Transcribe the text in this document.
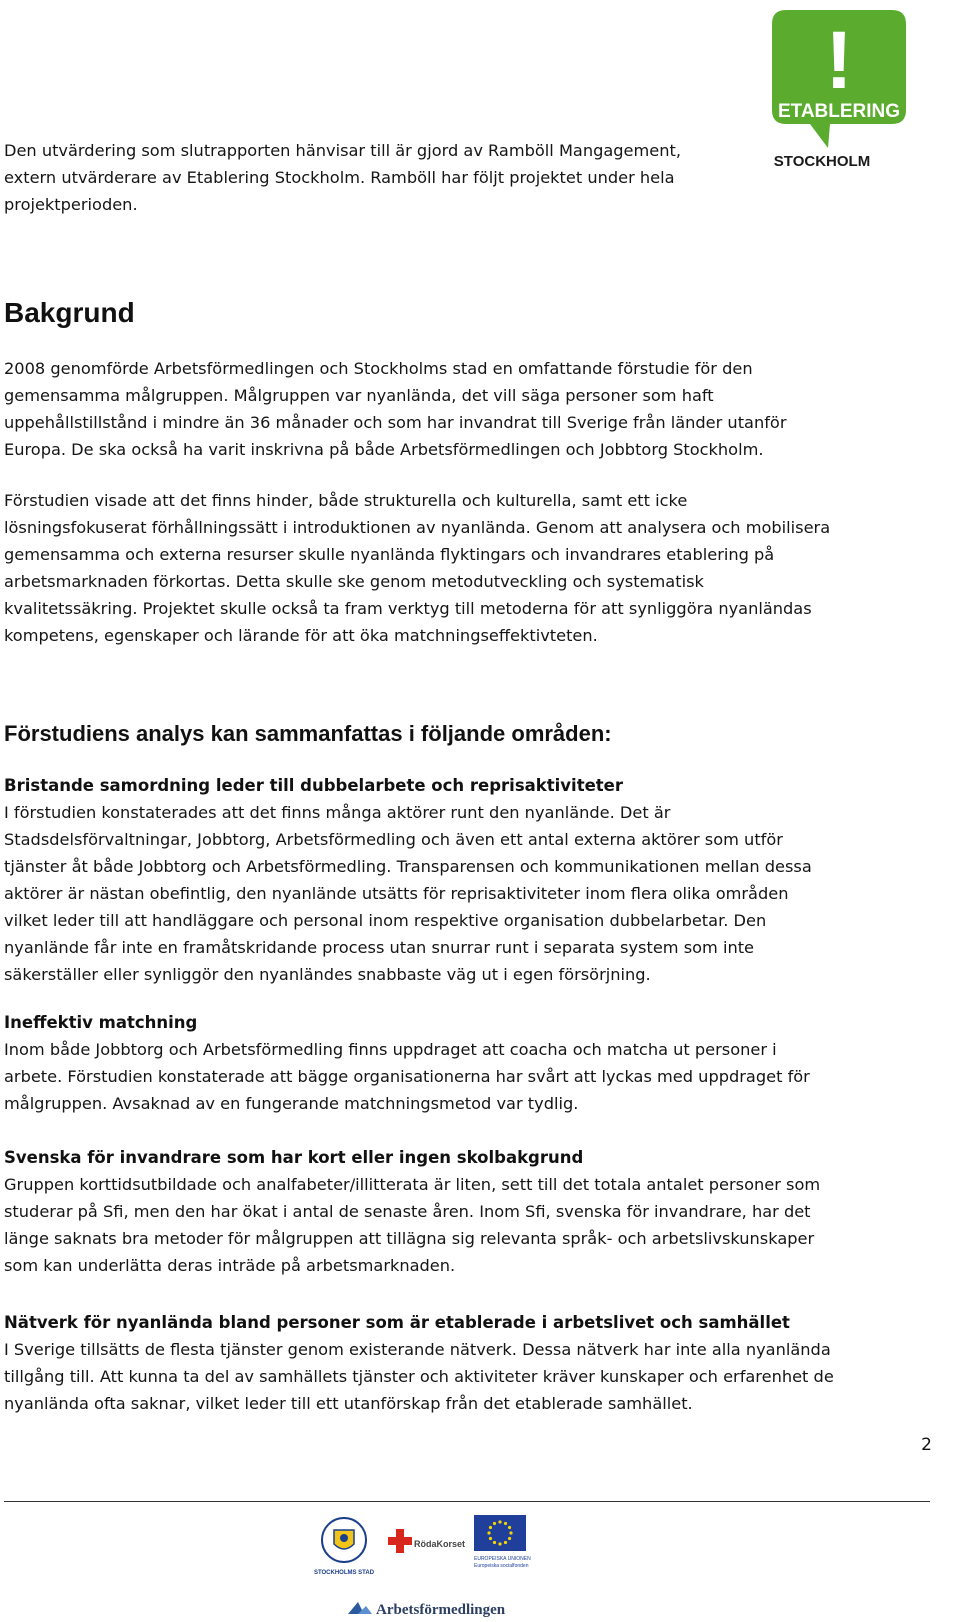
!
ETABLERING
STOCKHOLM

Den utvärdering som slutrapporten hänvisar till är gjord av Ramböll Mangagement,
extern utvärderare av Etablering Stockholm. Ramböll har följt projektet under hela
projektperioden.

Bakgrund

2008 genomförde Arbetsförmedlingen och Stockholms stad en omfattande förstudie för den
gemensamma målgruppen. Målgruppen var nyanlända, det vill säga personer som haft
uppehållstillstånd i mindre än 36 månader och som har invandrat till Sverige från länder utanför
Europa. De ska också ha varit inskrivna på både Arbetsförmedlingen och Jobbtorg Stockholm.

Förstudien visade att det finns hinder, både strukturella och kulturella, samt ett icke
lösningsfokuserat förhållningssätt i introduktionen av nyanlända. Genom att analysera och mobilisera
gemensamma och externa resurser skulle nyanlända flyktingars och invandrares etablering på
arbetsmarknaden förkortas. Detta skulle ske genom metodutveckling och systematisk
kvalitetssäkring. Projektet skulle också ta fram verktyg till metoderna för att synliggöra nyanländas
kompetens, egenskaper och lärande för att öka matchningseffektivteten.

Förstudiens analys kan sammanfattas i följande områden:
Bristande samordning leder till dubbelarbete och reprisaktiviteter

I förstudien konstaterades att det finns många aktörer runt den nyanlände. Det är
Stadsdelsförvaltningar, Jobbtorg, Arbetsförmedling och även ett antal externa aktörer som utför
tjänster åt både Jobbtorg och Arbetsförmedling. Transparensen och kommunikationen mellan dessa
aktörer är nästan obefintlig, den nyanlände utsätts för reprisaktiviteter inom flera olika områden
vilket leder till att handläggare och personal inom respektive organisation dubbelarbetar. Den
nyanlände får inte en framåtskridande process utan snurrar runt i separata system som inte
säkerställer eller synliggör den nyanländes snabbaste väg ut i egen försörjning.

Ineffektiv matchning

Inom både Jobbtorg och Arbetsförmedling finns uppdraget att coacha och matcha ut personer i
arbete. Förstudien konstaterade att bägge organisationerna har svårt att lyckas med uppdraget för
målgruppen. Avsaknad av en fungerande matchningsmetod var tydlig.

Svenska för invandrare som har kort eller ingen skolbakgrund

Gruppen korttidsutbildade och analfabeter/illitterata är liten, sett till det totala antalet personer som
studerar på Sfi, men den har ökat i antal de senaste åren. Inom Sfi, svenska för invandrare, har det
länge saknats bra metoder för målgruppen att tillägna sig relevanta språk- och arbetslivskunskaper
som kan underlätta deras inträde på arbetsmarknaden.

Nätverk för nyanlända bland personer som är etablerade i arbetslivet och samhället

I Sverige tillsätts de flesta tjänster genom existerande nätverk. Dessa nätverk har inte alla nyanlända
tillgång till. Att kunna ta del av samhällets tjänster och aktiviteter kräver kunskaper och erfarenhet de
nyanlända ofta saknar, vilket leder till ett utanförskap från det etablerade samhället.

2
STOCKHOLMS STAD
RödaKorset
EUROPEISKA UNIONEN
Europeiska socialfonden
Arbetsförmedlingen
